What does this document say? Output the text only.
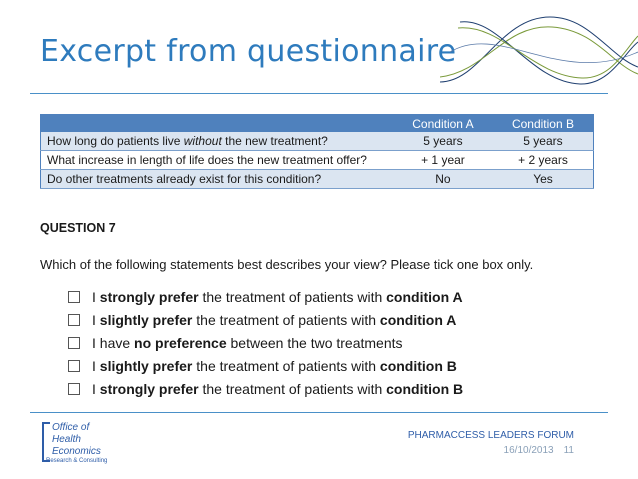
Excerpt from questionnaire
	Condition A	Condition B
How long do patients live without the new treatment?	5 years	5 years
What increase in length of life does the new treatment offer?	+ 1 year	+ 2 years
Do other treatments already exist for this condition?	No	Yes
QUESTION 7
Which of the following statements best describes your view? Please tick one box only.
I
strongly prefer
the treatment of patients with
condition A
I
slightly prefer
the treatment of patients with
condition A
I have
no preference
between the two treatments
I
slightly prefer
the treatment of patients with
condition B
I
strongly prefer
the treatment of patients with
condition B
Office of
Health
Economics
Research & Consulting
PHARMACCESS LEADERS FORUM
16/10/2013 11
